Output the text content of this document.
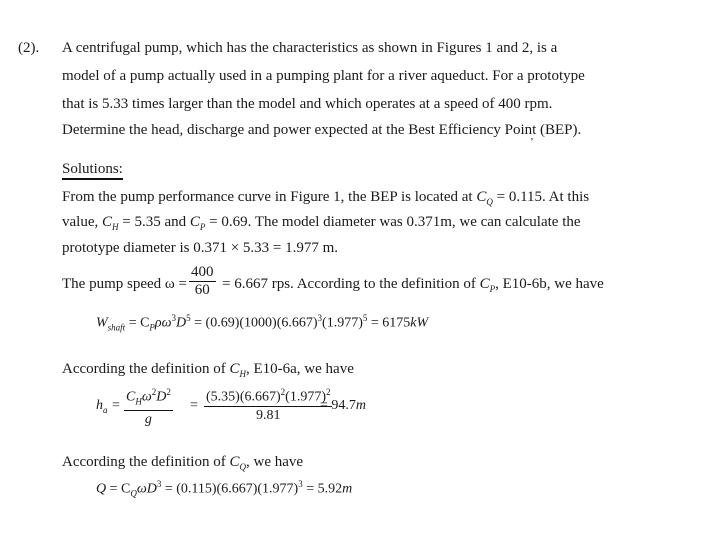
(2). A centrifugal pump, which has the characteristics as shown in Figures 1 and 2, is a
model of a pump actually used in a pumping plant for a river aqueduct. For a prototype
that is 5.33 times larger than the model and which operates at a speed of 400 rpm.
Determine the head, discharge and power expected at the Best Efficiency Point (BEP).
’
Solutions:
From the pump performance curve in Figure 1, the BEP is located at $C_Q = 0.115$. At this
value, $C_H = 5.35$ and $C_P = 0.69$. The model diameter was 0.371m, we can calculate the
prototype diameter is 0.371 × 5.33 = 1.977 m.
The pump speed $\omega = \frac{400}{60} = 6.667$ rps. According to the definition of $C_P$, E10-6b, we have
$W_{shaft} = C_P\rho\omega^3D^5 = (0.69)(1000)(6.667)^3(1.977)^5 = 6175kW$
According the definition of $C_H$, E10-6a, we have
$h_a$ =
$C_H\omega^2D^2$
g
= $\frac{(5.35)(6.667)^2(1.977)^2}{9.81}$
= 94.7m
According the definition of $C_Q$, we have
$Q = C_Q\omega D^3 = (0.115)(6.667)(1.977)^3 = 5.92m$
